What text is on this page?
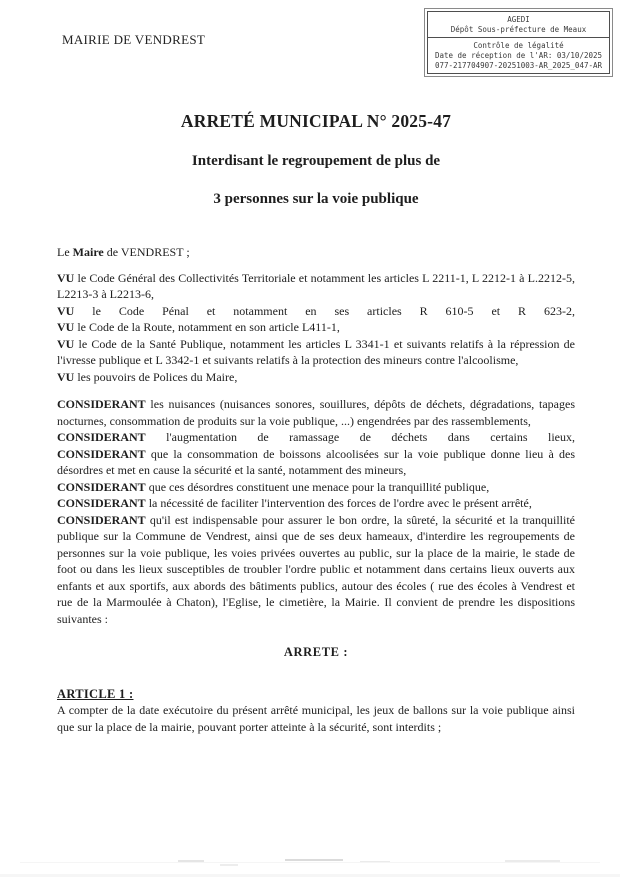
AGEDI
Dépôt Sous-préfecture de Meaux
Contrôle de légalité
Date de réception de l'AR: 03/10/2025
077-217704907-20251003-AR_2025_047-AR
MAIRIE DE VENDREST
ARRETÉ MUNICIPAL N° 2025-47
Interdisant le regroupement de plus de
3 personnes sur la voie publique

Le Maire de VENDREST ;

VU le Code Général des Collectivités Territoriale et notamment les articles L 2211-1, L 2212-1 à L.2212-5, L2213-3 à L2213-6,

VU le Code Pénal et notamment en ses articles R 610-5 et R 623-2,

VU le Code de la Route, notamment en son article L411-1,

VU le Code de la Santé Publique, notamment les articles L 3341-1 et suivants relatifs à la répression de l'ivresse publique et L 3342-1 et suivants relatifs à la protection des mineurs contre l'alcoolisme,

VU les pouvoirs de Polices du Maire,

CONSIDERANT les nuisances (nuisances sonores, souillures, dépôts de déchets, dégradations, tapages nocturnes, consommation de produits sur la voie publique, ...) engendrées par des rassemblements,

CONSIDERANT l'augmentation de ramassage de déchets dans certains lieux,

CONSIDERANT que la consommation de boissons alcoolisées sur la voie publique donne lieu à des désordres et met en cause la sécurité et la santé, notamment des mineurs,

CONSIDERANT que ces désordres constituent une menace pour la tranquillité publique,

CONSIDERANT la nécessité de faciliter l'intervention des forces de l'ordre avec le présent arrêté,

CONSIDERANT qu'il est indispensable pour assurer le bon ordre, la sûreté, la sécurité et la tranquillité publique sur la Commune de Vendrest, ainsi que de ses deux hameaux, d'interdire les regroupements de personnes sur la voie publique, les voies privées ouvertes au public, sur la place de la mairie, le stade de foot ou dans les lieux susceptibles de troubler l'ordre public et notamment dans certains lieux ouverts aux enfants et aux sportifs, aux abords des bâtiments publics, autour des écoles ( rue des écoles à Vendrest et rue de la Marmoulée à Chaton), l'Eglise, le cimetière, la Mairie. Il convient de prendre les dispositions suivantes :

ARRETE :
ARTICLE 1 :

A compter de la date exécutoire du présent arrêté municipal, les jeux de ballons sur la voie publique ainsi que sur la place de la mairie, pouvant porter atteinte à la sécurité, sont interdits ;
